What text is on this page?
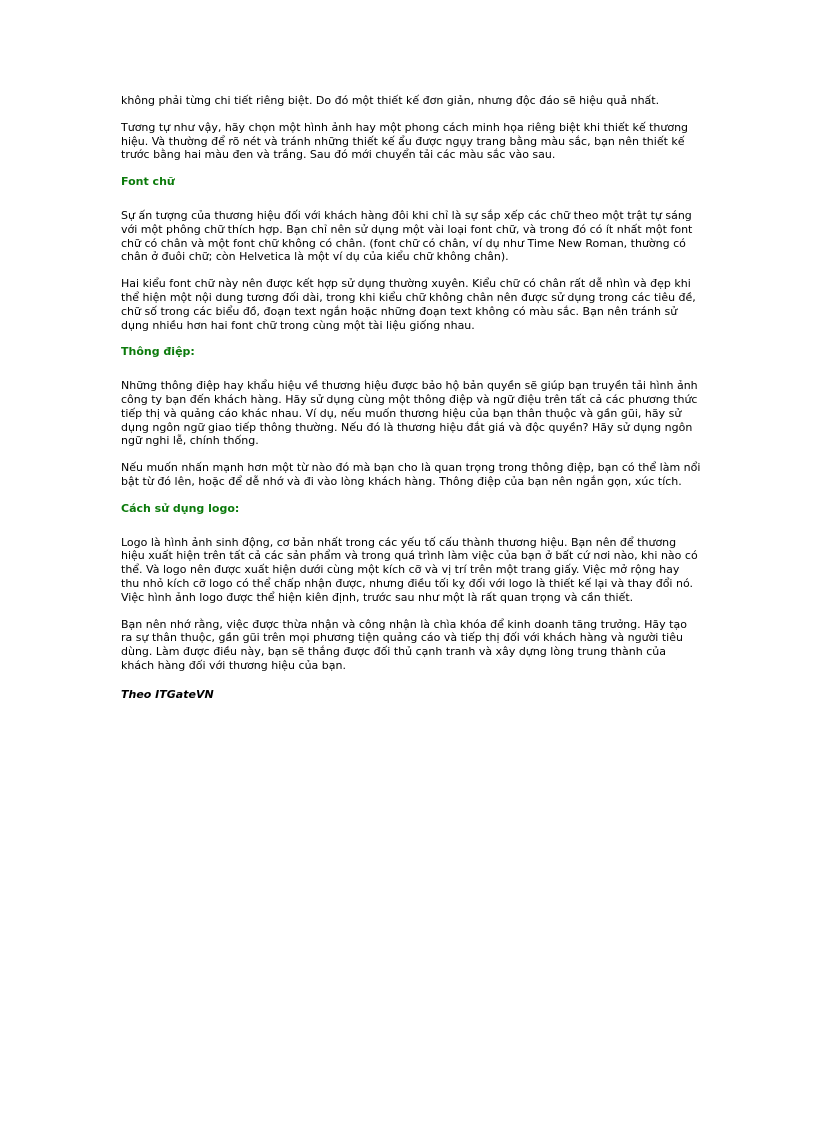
không phải từng chi tiết riêng biệt. Do đó một thiết kế đơn giản, nhưng độc đáo sẽ hiệu quả nhất.

Tương tự như vậy, hãy chọn một hình ảnh hay một phong cách minh họa riêng biệt khi thiết kế thương hiệu. Và thường để rõ nét và tránh những thiết kế ẩu được ngụy trang bằng màu sắc, bạn nên thiết kế trước bằng hai màu đen và trắng. Sau đó mới chuyển tải các màu sắc vào sau.

Font chữ

Sự ấn tượng của thương hiệu đối với khách hàng đôi khi chỉ là sự sắp xếp các chữ theo một trật tự sáng với một phông chữ thích hợp. Bạn chỉ nên sử dụng một vài loại font chữ, và trong đó có ít nhất một font chữ có chân và một font chữ không có chân. (font chữ có chân, ví dụ như Time New Roman, thường có chân ở đuôi chữ; còn Helvetica là một ví dụ của kiểu chữ không chân).

Hai kiểu font chữ này nên được kết hợp sử dụng thường xuyên. Kiểu chữ có chân rất dễ nhìn và đẹp khi thể hiện một nội dung tương đối dài, trong khi kiểu chữ không chân nên được sử dụng trong các tiêu đề, chữ số trong các biểu đồ, đoạn text ngắn hoặc những đoạn text không có màu sắc. Bạn nên tránh sử dụng nhiều hơn hai font chữ trong cùng một tài liệu giống nhau.

Thông điệp:

Những thông điệp hay khẩu hiệu về thương hiệu được bảo hộ bản quyền sẽ giúp bạn truyền tải hình ảnh công ty bạn đến khách hàng. Hãy sử dụng cùng một thông điệp và ngữ điệu trên tất cả các phương thức tiếp thị và quảng cáo khác nhau. Ví dụ, nếu muốn thương hiệu của bạn thân thuộc và gần gũi, hãy sử dụng ngôn ngữ giao tiếp thông thường. Nếu đó là thương hiệu đắt giá và độc quyền? Hãy sử dụng ngôn ngữ nghi lễ, chính thống.

Nếu muốn nhấn mạnh hơn một từ nào đó mà bạn cho là quan trọng trong thông điệp, bạn có thể làm nổi bật từ đó lên, hoặc để dễ nhớ và đi vào lòng khách hàng. Thông điệp của bạn nên ngắn gọn, xúc tích.

Cách sử dụng logo:

Logo là hình ảnh sinh động, cơ bản nhất trong các yếu tố cấu thành thương hiệu. Bạn nên để thương hiệu xuất hiện trên tất cả các sản phẩm và trong quá trình làm việc của bạn ở bất cứ nơi nào, khi nào có thể. Và logo nên được xuất hiện dưới cùng một kích cỡ và vị trí trên một trang giấy. Việc mở rộng hay thu nhỏ kích cỡ logo có thể chấp nhận được, nhưng điều tối kỵ đối với logo là thiết kế lại và thay đổi nó. Việc hình ảnh logo được thể hiện kiên định, trước sau như một là rất quan trọng và cần thiết.

Bạn nên nhớ rằng, việc được thừa nhận và công nhận là chìa khóa để kinh doanh tăng trưởng. Hãy tạo ra sự thân thuộc, gần gũi trên mọi phương tiện quảng cáo và tiếp thị đối với khách hàng và người tiêu dùng. Làm được điều này, bạn sẽ thắng được đối thủ cạnh tranh và xây dựng lòng trung thành của khách hàng đối với thương hiệu của bạn.

Theo ITGateVN
